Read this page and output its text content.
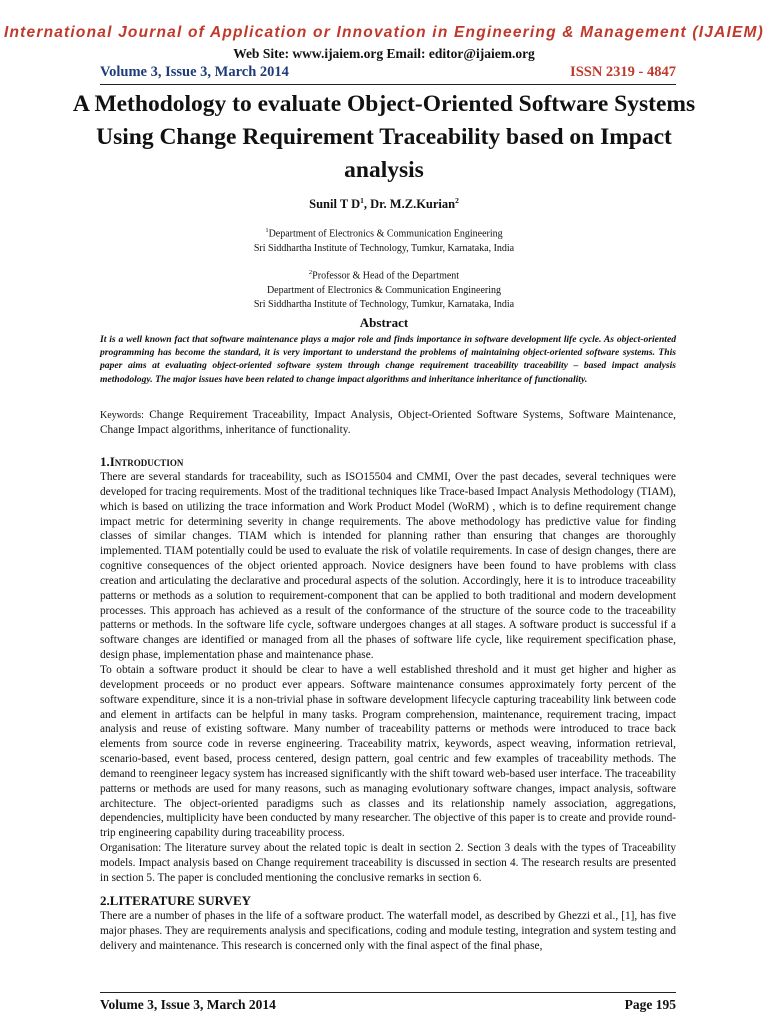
International Journal of Application or Innovation in Engineering & Management (IJAIEM)
Web Site: www.ijaiem.org Email: editor@ijaiem.org
Volume 3, Issue 3, March 2014	ISSN 2319 - 4847
A Methodology to evaluate Object-Oriented Software Systems Using Change Requirement Traceability based on Impact analysis
Sunil T $D^1$, Dr. M.Z.Kurian$^2$
$^1$Department of Electronics & Communication Engineering
Sri Siddhartha Institute of Technology, Tumkur, Karnataka, India
$^2$Professor & Head of the Department
Department of Electronics & Communication Engineering
Sri Siddhartha Institute of Technology, Tumkur, Karnataka, India
Abstract
It is a well known fact that software maintenance plays a major role and finds importance in software development life cycle. As object-oriented programming has become the standard, it is very important to understand the problems of maintaining object-oriented software systems. This paper aims at evaluating object-oriented software system through change requirement traceability traceability – based impact analysis methodology. The major issues have been related to change impact algorithms and inheritance inheritance of functionality.
Keywords: Change Requirement Traceability, Impact Analysis, Object-Oriented Software Systems, Software Maintenance, Change Impact algorithms, inheritance of functionality.
1.Introduction

There are several standards for traceability, such as ISO15504 and CMMI, Over the past decades, several techniques were developed for tracing requirements. Most of the traditional techniques like Trace-based Impact Analysis Methodology (TIAM), which is based on utilizing the trace information and Work Product Model (WoRM) , which is to define requirement change impact metric for determining severity in change requirements. The above methodology has predictive value for finding classes of similar changes. TIAM which is intended for planning rather than ensuring that changes are thoroughly implemented. TIAM potentially could be used to evaluate the risk of volatile requirements. In case of design changes, there are cognitive consequences of the object oriented approach. Novice designers have been found to have problems with class creation and articulating the declarative and procedural aspects of the solution. Accordingly, here it is to introduce traceability patterns or methods as a solution to requirement-component that can be applied to both traditional and modern development processes. This approach has achieved as a result of the conformance of the structure of the source code to the traceability patterns or methods. In the software life cycle, software undergoes changes at all stages. A software product is successful if a software changes are identified or managed from all the phases of software life cycle, like requirement specification phase, design phase, implementation phase and maintenance phase.

To obtain a software product it should be clear to have a well established threshold and it must get higher and higher as development proceeds or no product ever appears. Software maintenance consumes approximately forty percent of the software expenditure, since it is a non-trivial phase in software development lifecycle capturing traceability link between code and element in artifacts can be helpful in many tasks. Program comprehension, maintenance, requirement tracing, impact analysis and reuse of existing software. Many number of traceability patterns or methods were introduced to trace back elements from source code in reverse engineering. Traceability matrix, keywords, aspect weaving, information retrieval, scenario-based, event based, process centered, design pattern, goal centric and few examples of traceability methods. The demand to reengineer legacy system has increased significantly with the shift toward web-based user interface. The traceability patterns or methods are used for many reasons, such as managing evolutionary software changes, impact analysis, software architecture. The object-oriented paradigms such as classes and its relationship namely association, aggregations, dependencies, multiplicity have been conducted by many researcher. The objective of this paper is to create and provide round-trip engineering capability during traceability process.

Organisation: The literature survey about the related topic is dealt in section 2. Section 3 deals with the types of Traceability models. Impact analysis based on Change requirement traceability is discussed in section 4. The research results are presented in section 5. The paper is concluded mentioning the conclusive remarks in section 6.

2.LITERATURE SURVEY

There are a number of phases in the life of a software product. The waterfall model, as described by Ghezzi et al., [1], has five major phases. They are requirements analysis and specifications, coding and module testing, integration and system testing and delivery and maintenance. This research is concerned only with the final aspect of the final phase,

Volume 3, Issue 3, March 2014	Page 195
